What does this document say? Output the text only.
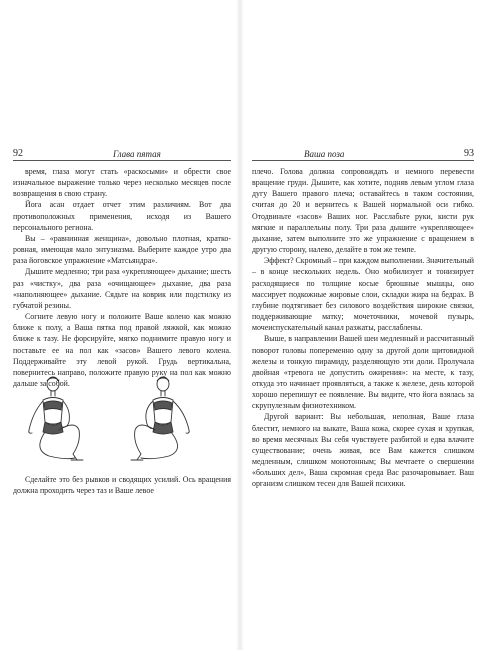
92	Глава пятая

время, глаза могут стать «раскосыми» и обрести свое изначальное выражение только через несколько месяцев после возвращения в свою страну.

Йога асан отдает отчет этим различиям. Вот два противоположных применения, исходя из Вашего персонального региона.

Вы – «равнинная женщина», довольно плотная, кратко-ровная, имеющая мало энтузиазма. Выберите каждое утро два раза йоговское упражнение «Матсьяндра».

Дышите медленно; три раза «укрепляющее» дыхание; шесть раз «чистку», два раза «очищающее» дыхание, два раза «наполняющее» дыхание. Сядьте на коврик или подстилку из губчатой резины.

Согните левую ногу и положите Ваше колено как можно ближе к полу, а Ваша пятка под правой ляжкой, как можно ближе к тазу. Не форсируйте, мягко поднимите правую ногу и поставьте ее на пол как «засов» Вашего левого колена. Поддерживайте эту левой рукой. Грудь вертикальна, повернитесь направо, положите правую руку на пол как можно дальше за собой.

Сделайте это без рывков и сводящих усилий. Ось вращения должна проходить через таз и Ваше левое

Ваша поза	93

плечо. Голова должна сопровождать и немного перевести вращение груди. Дышите, как хотите, подняв левым углом глаза дугу Вашего правого плеча; оставайтесь в таком состоянии, считая до 20 и вернитесь к Вашей нормальной оси гибко. Отодвиньте «засов» Ваших ног. Расслабьте руки, кисти рук мягкие и параллельны полу. Три раза дышите «укрепляющее» дыхание, затем выполните это же упражнение с вращением в другую сторону, налево, делайте в том же темпе.

Эффект? Скромный – при каждом выполнении. Значительный – в конце нескольких недель. Оно мобилизует и тонизирует расходящиеся по толщине косые брюшные мышцы, оно массирует подкожные жировые слои, складки жира на бедрах. В глубине подтягивает без силового воздействия широкие связки, поддерживающие матку; мочеточники, мочевой пузырь, мочеиспускательный канал разжаты, расслаблены.

Выше, в направлении Вашей шеи медленный и рассчитанный поворот головы попеременно одну за другой доли щитовидной железы и тонкую пирамиду, разделяющую эти доли. Пролучала двойная «тревога не допустить ожирения»: на месте, к тазу, откуда это начинает проявляться, а также к железе, день которой хорошо перепишут ее появление. Вы видите, что йога взялась за скрупулезным физиотехником.

Другой вариант: Вы небольшая, неполная, Ваше глаза блестит, немного на выкате, Ваша кожа, скорее сухая и хрупкая, во время месячных Вы себя чувствуете разбитой и едва влачите существование; очень живая, все Вам кажется слишком медленным, слишком монотонным; Вы мечтаете о свершении «больших дел», Ваша скромная среда Вас разочаровывает. Ваш организм слишком тесен для Вашей психики.
